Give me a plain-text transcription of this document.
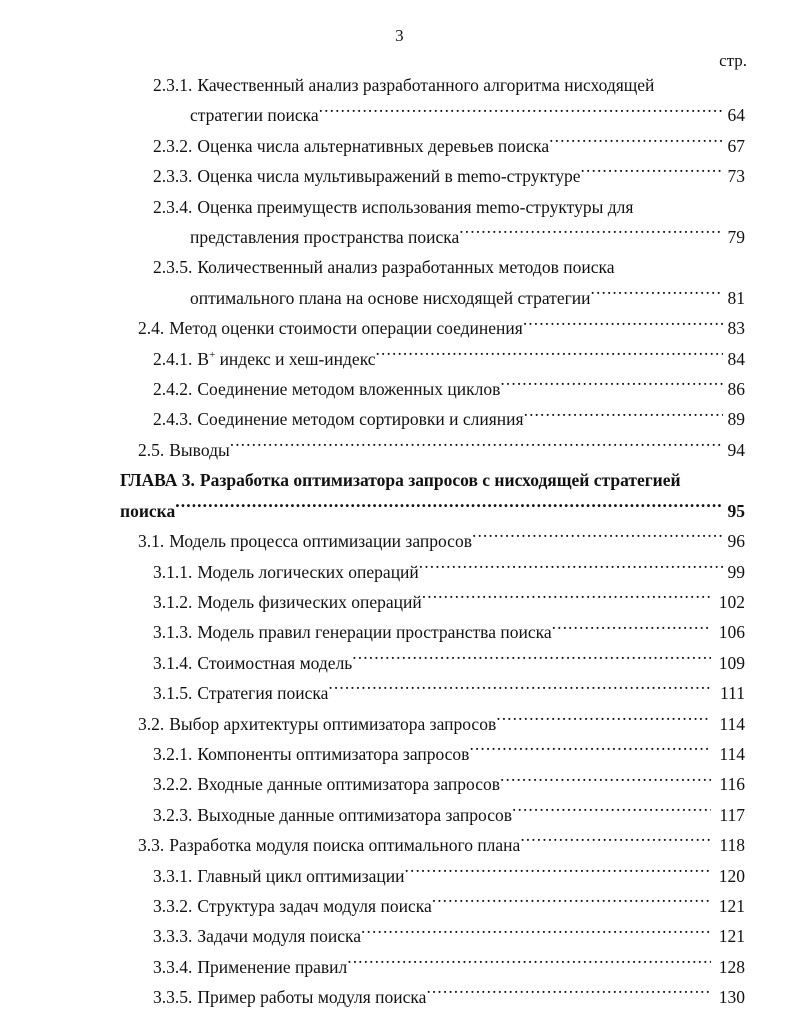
3
стр.
2.3.1. Качественный анализ разработанного алгоритма нисходящей
стратегии поиска .....	64
2.3.2. Оценка числа альтернативных деревьев поиска .....	67
2.3.3. Оценка числа мультивыражений в memo-структуре .....	73
2.3.4. Оценка преимуществ использования memo-структуры для
представления пространства поиска .....	79
2.3.5. Количественный анализ разработанных методов поиска
оптимального плана на основе нисходящей стратегии .....	81
2.4. Метод оценки стоимости операции соединения .....	83
2.4.1. B+ индекс и хеш-индекс .....	84
2.4.2. Соединение методом вложенных циклов .....	86
2.4.3. Соединение методом сортировки и слияния .....	89
2.5. Выводы .....	94
ГЛАВА 3. Разработка оптимизатора запросов с нисходящей стратегией
поиска .....	95
3.1. Модель процесса оптимизации запросов .....	96
3.1.1. Модель логических операций .....	99
3.1.2. Модель физических операций .....	102
3.1.3. Модель правил генерации пространства поиска .....	106
3.1.4. Стоимостная модель .....	109
3.1.5. Стратегия поиска .....	111
3.2. Выбор архитектуры оптимизатора запросов .....	114
3.2.1. Компоненты оптимизатора запросов .....	114
3.2.2. Входные данные оптимизатора запросов .....	116
3.2.3. Выходные данные оптимизатора запросов .....	117
3.3. Разработка модуля поиска оптимального плана .....	118
3.3.1. Главный цикл оптимизации .....	120
3.3.2. Структура задач модуля поиска .....	121
3.3.3. Задачи модуля поиска .....	121
3.3.4. Применение правил .....	128
3.3.5. Пример работы модуля поиска .....	130
